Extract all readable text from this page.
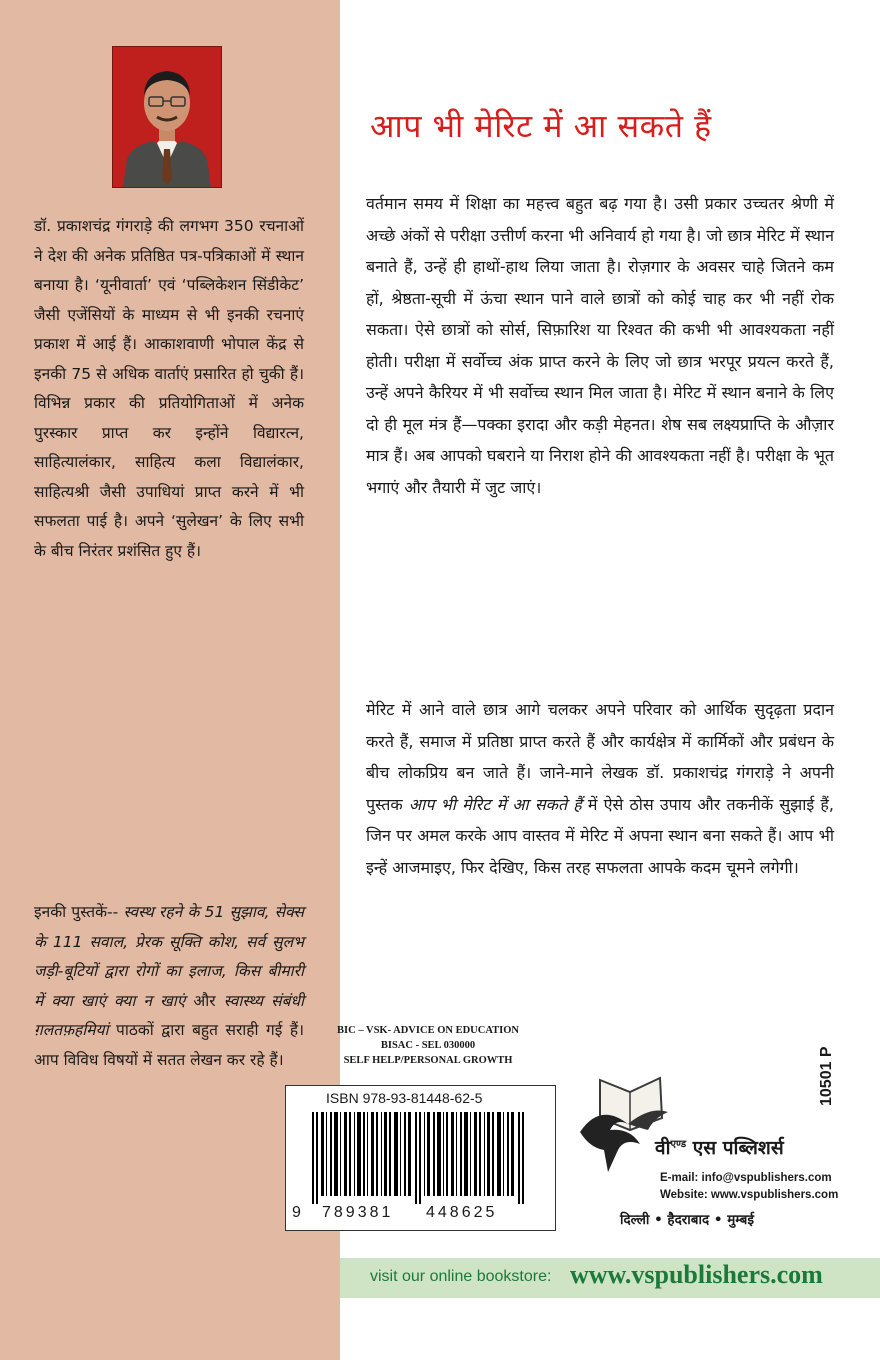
डॉ. प्रकाशचंद्र गंगराड़े की लगभग 350 रचनाओं ने देश की अनेक प्रतिष्ठित पत्र-पत्रिकाओं में स्थान बनाया है। ‘यूनीवार्ता’ एवं ‘पब्लिकेशन सिंडीकेट’ जैसी एजेंसियों के माध्यम से भी इनकी रचनाएं प्रकाश में आई हैं। आकाशवाणी भोपाल केंद्र से इनकी 75 से अधिक वार्ताएं प्रसारित हो चुकी हैं। विभिन्न प्रकार की प्रतियोगिताओं में अनेक पुरस्कार प्राप्त कर इन्होंने विद्यारत्न, साहित्यालंकार, साहित्य कला विद्यालंकार, साहित्यश्री जैसी उपाधियां प्राप्त करने में भी सफलता पाई है। अपने ‘सुलेखन’ के लिए सभी के बीच निरंतर प्रशंसित हुए हैं।
इनकी पुस्तकें-- स्वस्थ रहने के 51 सुझाव, सेक्स के 111 सवाल, प्रेरक सूक्ति कोश, सर्व सुलभ जड़ी-बूटियों द्वारा रोगों का इलाज, किस बीमारी में क्या खाएं क्या न खाएं और स्वास्थ्य संबंधी ग़लतफ़हमियां पाठकों द्वारा बहुत सराही गई हैं। आप विविध विषयों में सतत लेखन कर रहे हैं।
आप भी मेरिट में आ सकते हैं
वर्तमान समय में शिक्षा का महत्त्व बहुत बढ़ गया है। उसी प्रकार उच्चतर श्रेणी में अच्छे अंकों से परीक्षा उत्तीर्ण करना भी अनिवार्य हो गया है। जो छात्र मेरिट में स्थान बनाते हैं, उन्हें ही हाथों-हाथ लिया जाता है। रोज़गार के अवसर चाहे जितने कम हों, श्रेष्ठता-सूची में ऊंचा स्थान पाने वाले छात्रों को कोई चाह कर भी नहीं रोक सकता। ऐसे छात्रों को सोर्स, सिफ़ारिश या रिश्वत की कभी भी आवश्यकता नहीं होती। परीक्षा में सर्वोच्च अंक प्राप्त करने के लिए जो छात्र भरपूर प्रयत्न करते हैं, उन्हें अपने कैरियर में भी सर्वोच्च स्थान मिल जाता है। मेरिट में स्थान बनाने के लिए दो ही मूल मंत्र हैं—पक्का इरादा और कड़ी मेहनत। शेष सब लक्ष्यप्राप्ति के औज़ार मात्र हैं। अब आपको घबराने या निराश होने की आवश्यकता नहीं है। परीक्षा के भूत भगाएं और तैयारी में जुट जाएं।
मेरिट में आने वाले छात्र आगे चलकर अपने परिवार को आर्थिक सुदृढ़ता प्रदान करते हैं, समाज में प्रतिष्ठा प्राप्त करते हैं और कार्यक्षेत्र में कार्मिकों और प्रबंधन के बीच लोकप्रिय बन जाते हैं। जाने-माने लेखक डॉ. प्रकाशचंद्र गंगराड़े ने अपनी पुस्तक आप भी मेरिट में आ सकते हैं में ऐसे ठोस उपाय और तकनीकें सुझाई हैं, जिन पर अमल करके आप वास्तव में मेरिट में अपना स्थान बना सकते हैं। आप भी इन्हें आजमाइए, फिर देखिए, किस तरह सफलता आपके कदम चूमने लगेगी।
BIC – VSK- ADVICE ON EDUCATION
BISAC - SEL 030000
SELF HELP/PERSONAL GROWTH	10501 P
ISBN 978-93-81448-62-5
9 789381 448625
वी$^{एण्ड}$ एस पब्लिशर्स
E-mail: info@vspublishers.com
Website: www.vspublishers.com
दिल्ली • हैदराबाद • मुम्बई
visit our online bookstore: www.vspublishers.com
